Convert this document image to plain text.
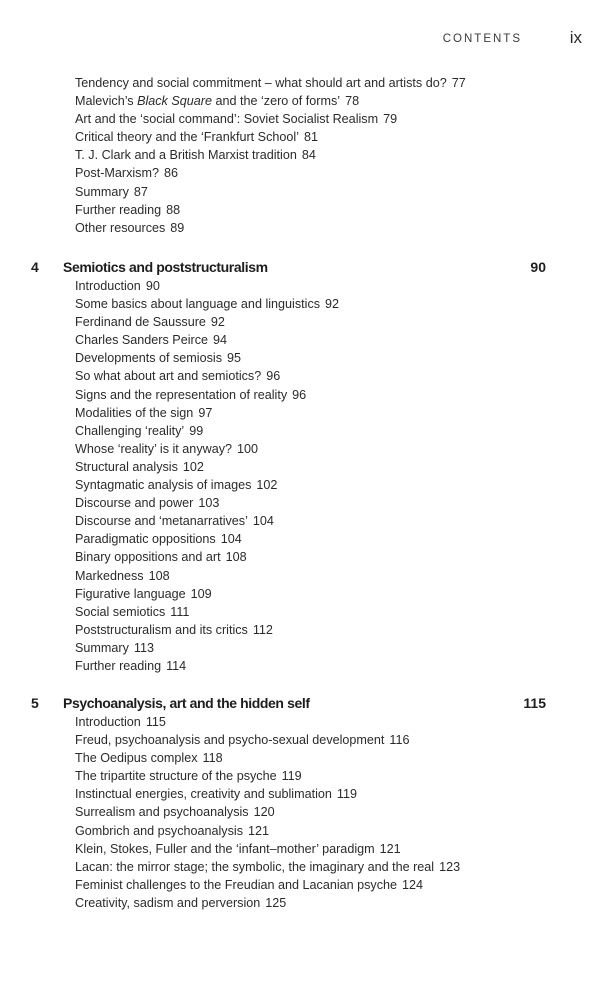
CONTENTS	ix
Tendency and social commitment – what should art and artists do? 77
Malevich’s Black Square and the ‘zero of forms’ 78
Art and the ‘social command’: Soviet Socialist Realism 79
Critical theory and the ‘Frankfurt School’ 81
T. J. Clark and a British Marxist tradition 84
Post-Marxism? 86
Summary 87
Further reading 88
Other resources 89
4 Semiotics and poststructuralism	90
Introduction 90
Some basics about language and linguistics 92
Ferdinand de Saussure 92
Charles Sanders Peirce 94
Developments of semiosis 95
So what about art and semiotics? 96
Signs and the representation of reality 96
Modalities of the sign 97
Challenging ‘reality’ 99
Whose ‘reality’ is it anyway? 100
Structural analysis 102
Syntagmatic analysis of images 102
Discourse and power 103
Discourse and ‘metanarratives’ 104
Paradigmatic oppositions 104
Binary oppositions and art 108
Markedness 108
Figurative language 109
Social semiotics 111
Poststructuralism and its critics 112
Summary 113
Further reading 114
5 Psychoanalysis, art and the hidden self	115
Introduction 115
Freud, psychoanalysis and psycho-sexual development 116
The Oedipus complex 118
The tripartite structure of the psyche 119
Instinctual energies, creativity and sublimation 119
Surrealism and psychoanalysis 120
Gombrich and psychoanalysis 121
Klein, Stokes, Fuller and the ‘infant–mother’ paradigm 121
Lacan: the mirror stage; the symbolic, the imaginary and the real 123
Feminist challenges to the Freudian and Lacanian psyche 124
Creativity, sadism and perversion 125
